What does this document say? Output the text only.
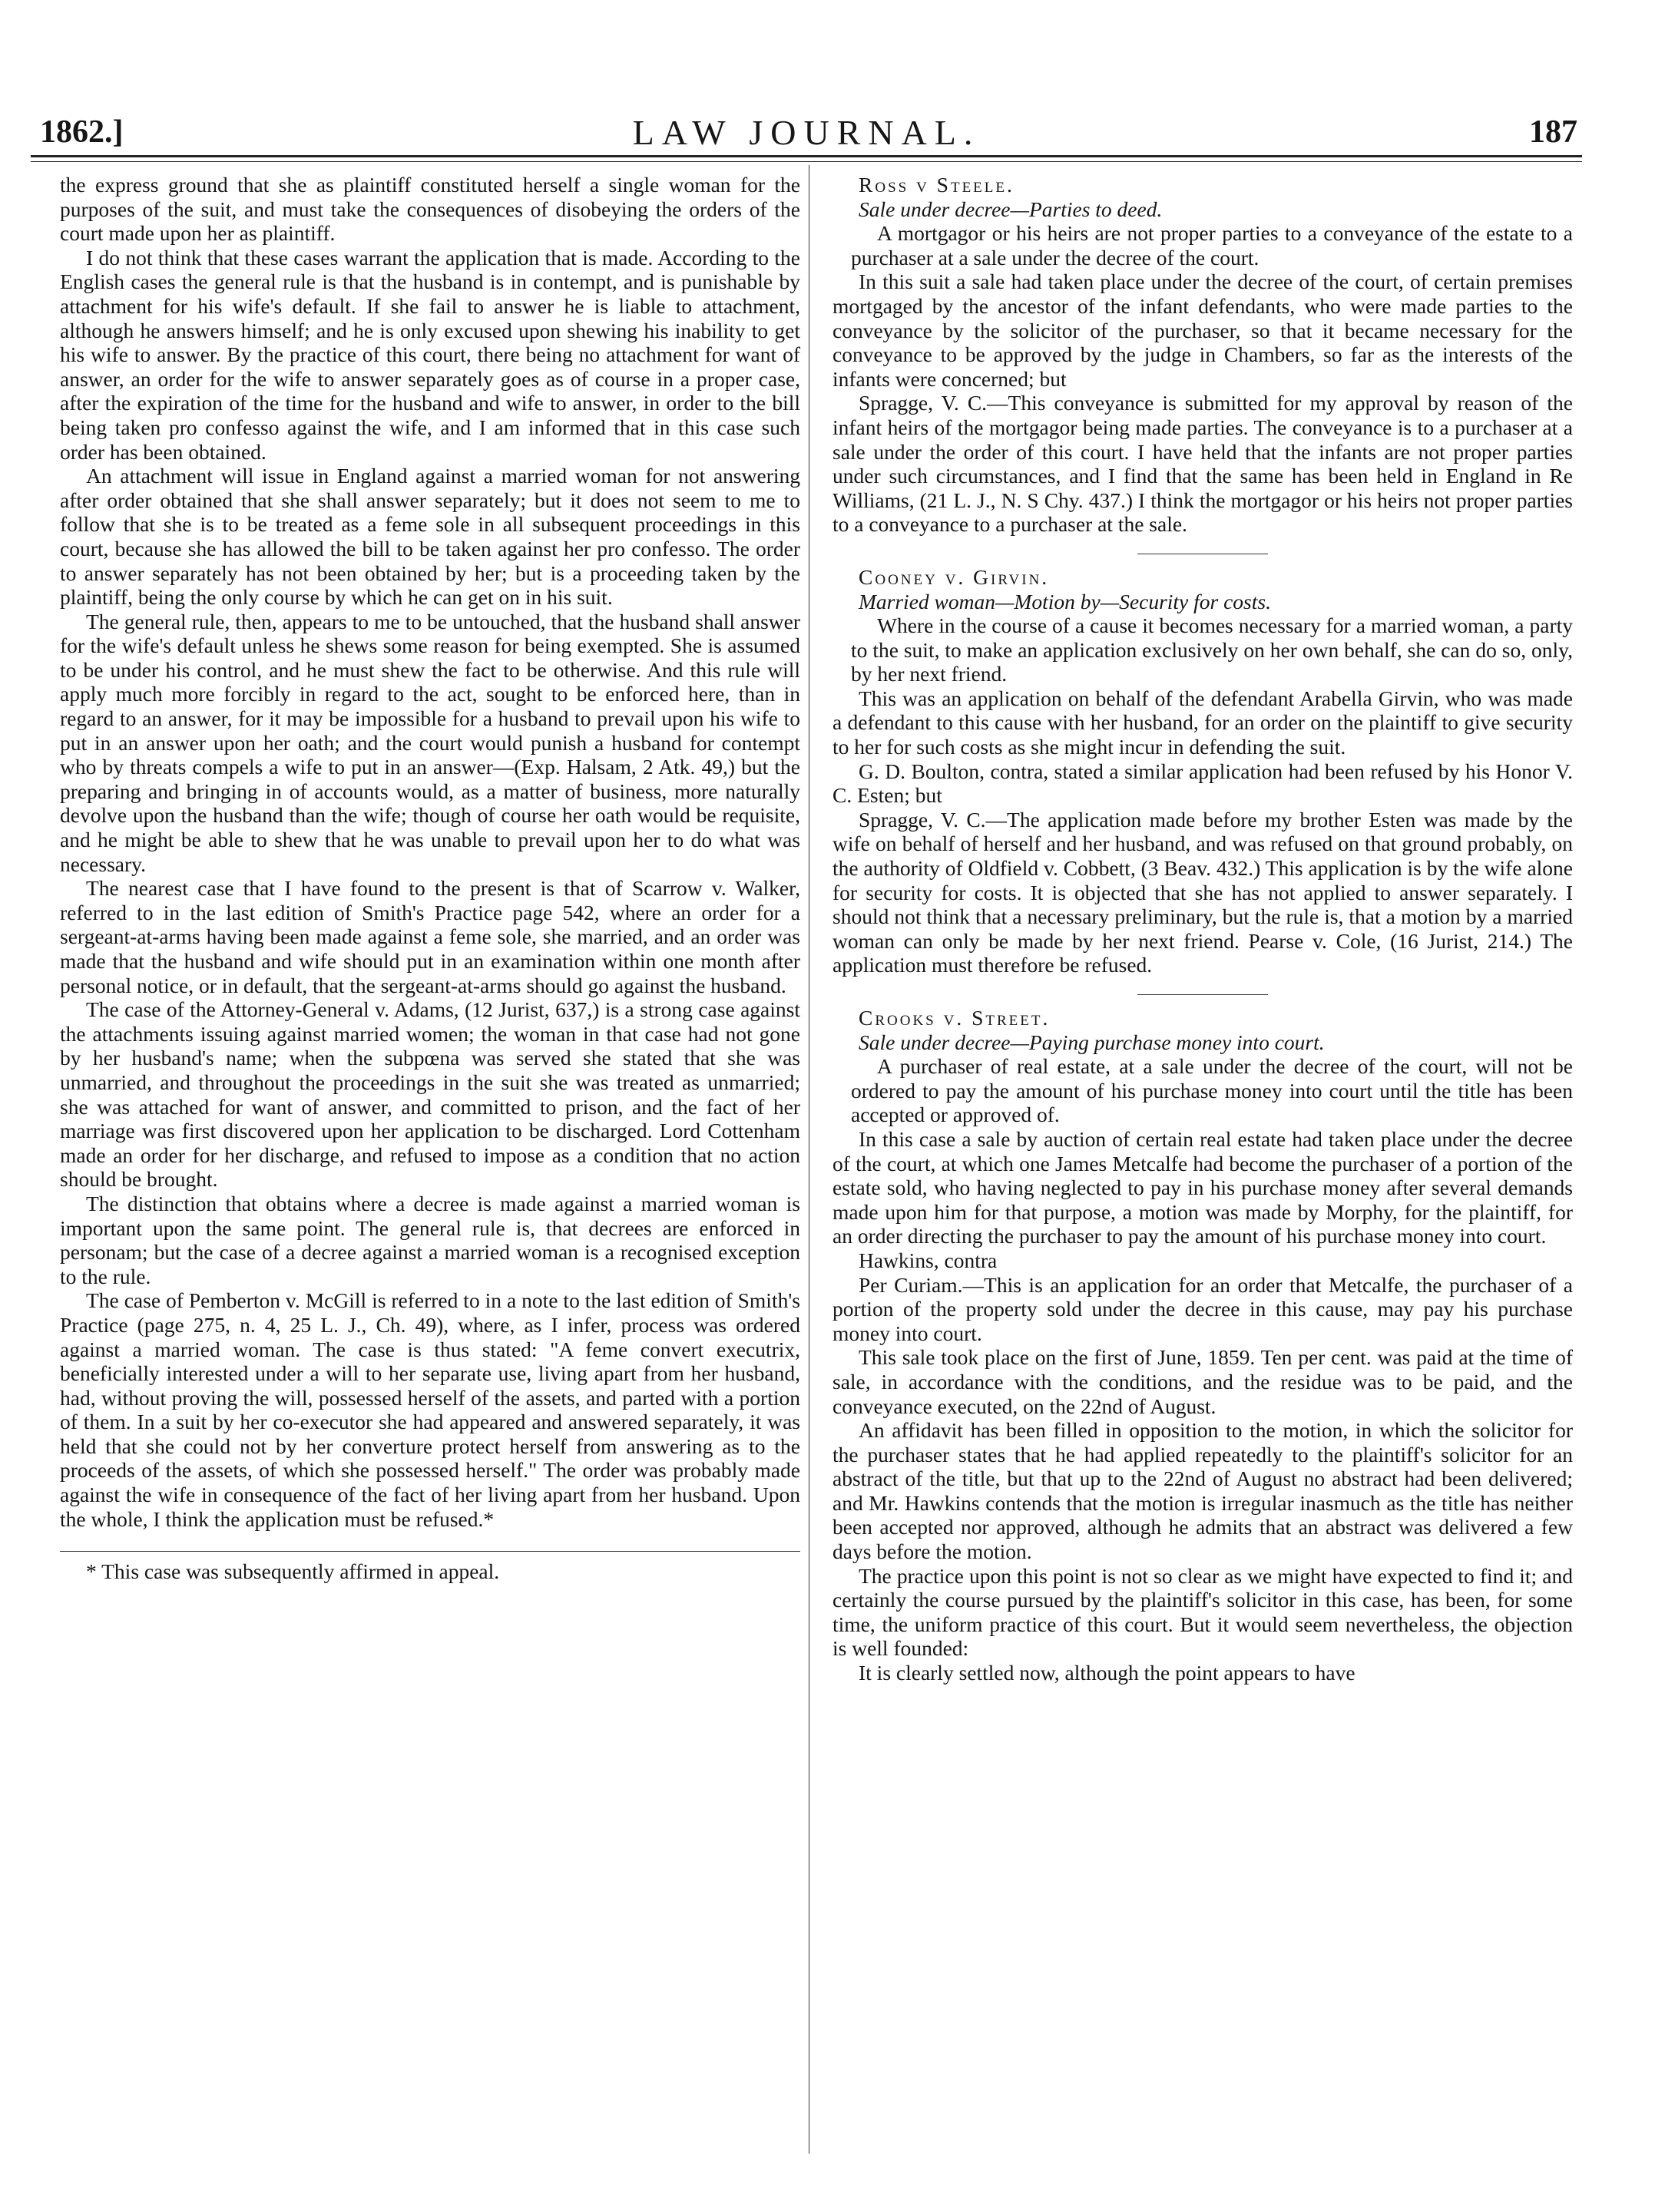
1862.]	LAW JOURNAL.	187

the express ground that she as plaintiff constituted herself a single woman for the purposes of the suit, and must take the consequences of disobeying the orders of the court made upon her as plaintiff.

I do not think that these cases warrant the application that is made. According to the English cases the general rule is that the husband is in contempt, and is punishable by attachment for his wife's default. If she fail to answer he is liable to attachment, although he answers himself; and he is only excused upon shewing his inability to get his wife to answer. By the practice of this court, there being no attachment for want of answer, an order for the wife to answer separately goes as of course in a proper case, after the expiration of the time for the husband and wife to answer, in order to the bill being taken pro confesso against the wife, and I am informed that in this case such order has been obtained.

An attachment will issue in England against a married woman for not answering after order obtained that she shall answer separately; but it does not seem to me to follow that she is to be treated as a feme sole in all subsequent proceedings in this court, because she has allowed the bill to be taken against her pro confesso. The order to answer separately has not been obtained by her; but is a proceeding taken by the plaintiff, being the only course by which he can get on in his suit.

The general rule, then, appears to me to be untouched, that the husband shall answer for the wife's default unless he shews some reason for being exempted. She is assumed to be under his control, and he must shew the fact to be otherwise. And this rule will apply much more forcibly in regard to the act, sought to be enforced here, than in regard to an answer, for it may be impossible for a husband to prevail upon his wife to put in an answer upon her oath; and the court would punish a husband for contempt who by threats compels a wife to put in an answer—(Exp. Halsam, 2 Atk. 49,) but the preparing and bringing in of accounts would, as a matter of business, more naturally devolve upon the husband than the wife; though of course her oath would be requisite, and he might be able to shew that he was unable to prevail upon her to do what was necessary.

The nearest case that I have found to the present is that of Scarrow v. Walker, referred to in the last edition of Smith's Practice page 542, where an order for a sergeant-at-arms having been made against a feme sole, she married, and an order was made that the husband and wife should put in an examination within one month after personal notice, or in default, that the sergeant-at-arms should go against the husband.

The case of the Attorney-General v. Adams, (12 Jurist, 637,) is a strong case against the attachments issuing against married women; the woman in that case had not gone by her husband's name; when the subpœna was served she stated that she was unmarried, and throughout the proceedings in the suit she was treated as unmarried; she was attached for want of answer, and committed to prison, and the fact of her marriage was first discovered upon her application to be discharged. Lord Cottenham made an order for her discharge, and refused to impose as a condition that no action should be brought.

The distinction that obtains where a decree is made against a married woman is important upon the same point. The general rule is, that decrees are enforced in personam; but the case of a decree against a married woman is a recognised exception to the rule.

The case of Pemberton v. McGill is referred to in a note to the last edition of Smith's Practice (page 275, n. 4, 25 L. J., Ch. 49), where, as I infer, process was ordered against a married woman. The case is thus stated: "A feme convert executrix, beneficially interested under a will to her separate use, living apart from her husband, had, without proving the will, possessed herself of the assets, and parted with a portion of them. In a suit by her co-executor she had appeared and answered separately, it was held that she could not by her converture protect herself from answering as to the proceeds of the assets, of which she possessed herself." The order was probably made against the wife in consequence of the fact of her living apart from her husband. Upon the whole, I think the application must be refused.*

* This case was subsequently affirmed in appeal.

Ross v Steele.

Sale under decree—Parties to deed.

A mortgagor or his heirs are not proper parties to a conveyance of the estate to a purchaser at a sale under the decree of the court.

In this suit a sale had taken place under the decree of the court, of certain premises mortgaged by the ancestor of the infant defendants, who were made parties to the conveyance by the solicitor of the purchaser, so that it became necessary for the conveyance to be approved by the judge in Chambers, so far as the interests of the infants were concerned; but

Spragge, V. C.—This conveyance is submitted for my approval by reason of the infant heirs of the mortgagor being made parties. The conveyance is to a purchaser at a sale under the order of this court. I have held that the infants are not proper parties under such circumstances, and I find that the same has been held in England in Re Williams, (21 L. J., N. S Chy. 437.) I think the mortgagor or his heirs not proper parties to a conveyance to a purchaser at the sale.

Cooney v. Girvin.

Married woman—Motion by—Security for costs.

Where in the course of a cause it becomes necessary for a married woman, a party to the suit, to make an application exclusively on her own behalf, she can do so, only, by her next friend.

This was an application on behalf of the defendant Arabella Girvin, who was made a defendant to this cause with her husband, for an order on the plaintiff to give security to her for such costs as she might incur in defending the suit.

G. D. Boulton, contra, stated a similar application had been refused by his Honor V. C. Esten; but

Spragge, V. C.—The application made before my brother Esten was made by the wife on behalf of herself and her husband, and was refused on that ground probably, on the authority of Oldfield v. Cobbett, (3 Beav. 432.) This application is by the wife alone for security for costs. It is objected that she has not applied to answer separately. I should not think that a necessary preliminary, but the rule is, that a motion by a married woman can only be made by her next friend. Pearse v. Cole, (16 Jurist, 214.) The application must therefore be refused.

Crooks v. Street.

Sale under decree—Paying purchase money into court.

A purchaser of real estate, at a sale under the decree of the court, will not be ordered to pay the amount of his purchase money into court until the title has been accepted or approved of.

In this case a sale by auction of certain real estate had taken place under the decree of the court, at which one James Metcalfe had become the purchaser of a portion of the estate sold, who having neglected to pay in his purchase money after several demands made upon him for that purpose, a motion was made by Morphy, for the plaintiff, for an order directing the purchaser to pay the amount of his purchase money into court.

Hawkins, contra

Per Curiam.—This is an application for an order that Metcalfe, the purchaser of a portion of the property sold under the decree in this cause, may pay his purchase money into court.

This sale took place on the first of June, 1859. Ten per cent. was paid at the time of sale, in accordance with the conditions, and the residue was to be paid, and the conveyance executed, on the 22nd of August.

An affidavit has been filled in opposition to the motion, in which the solicitor for the purchaser states that he had applied repeatedly to the plaintiff's solicitor for an abstract of the title, but that up to the 22nd of August no abstract had been delivered; and Mr. Hawkins contends that the motion is irregular inasmuch as the title has neither been accepted nor approved, although he admits that an abstract was delivered a few days before the motion.

The practice upon this point is not so clear as we might have expected to find it; and certainly the course pursued by the plaintiff's solicitor in this case, has been, for some time, the uniform practice of this court. But it would seem nevertheless, the objection is well founded:

It is clearly settled now, although the point appears to have
